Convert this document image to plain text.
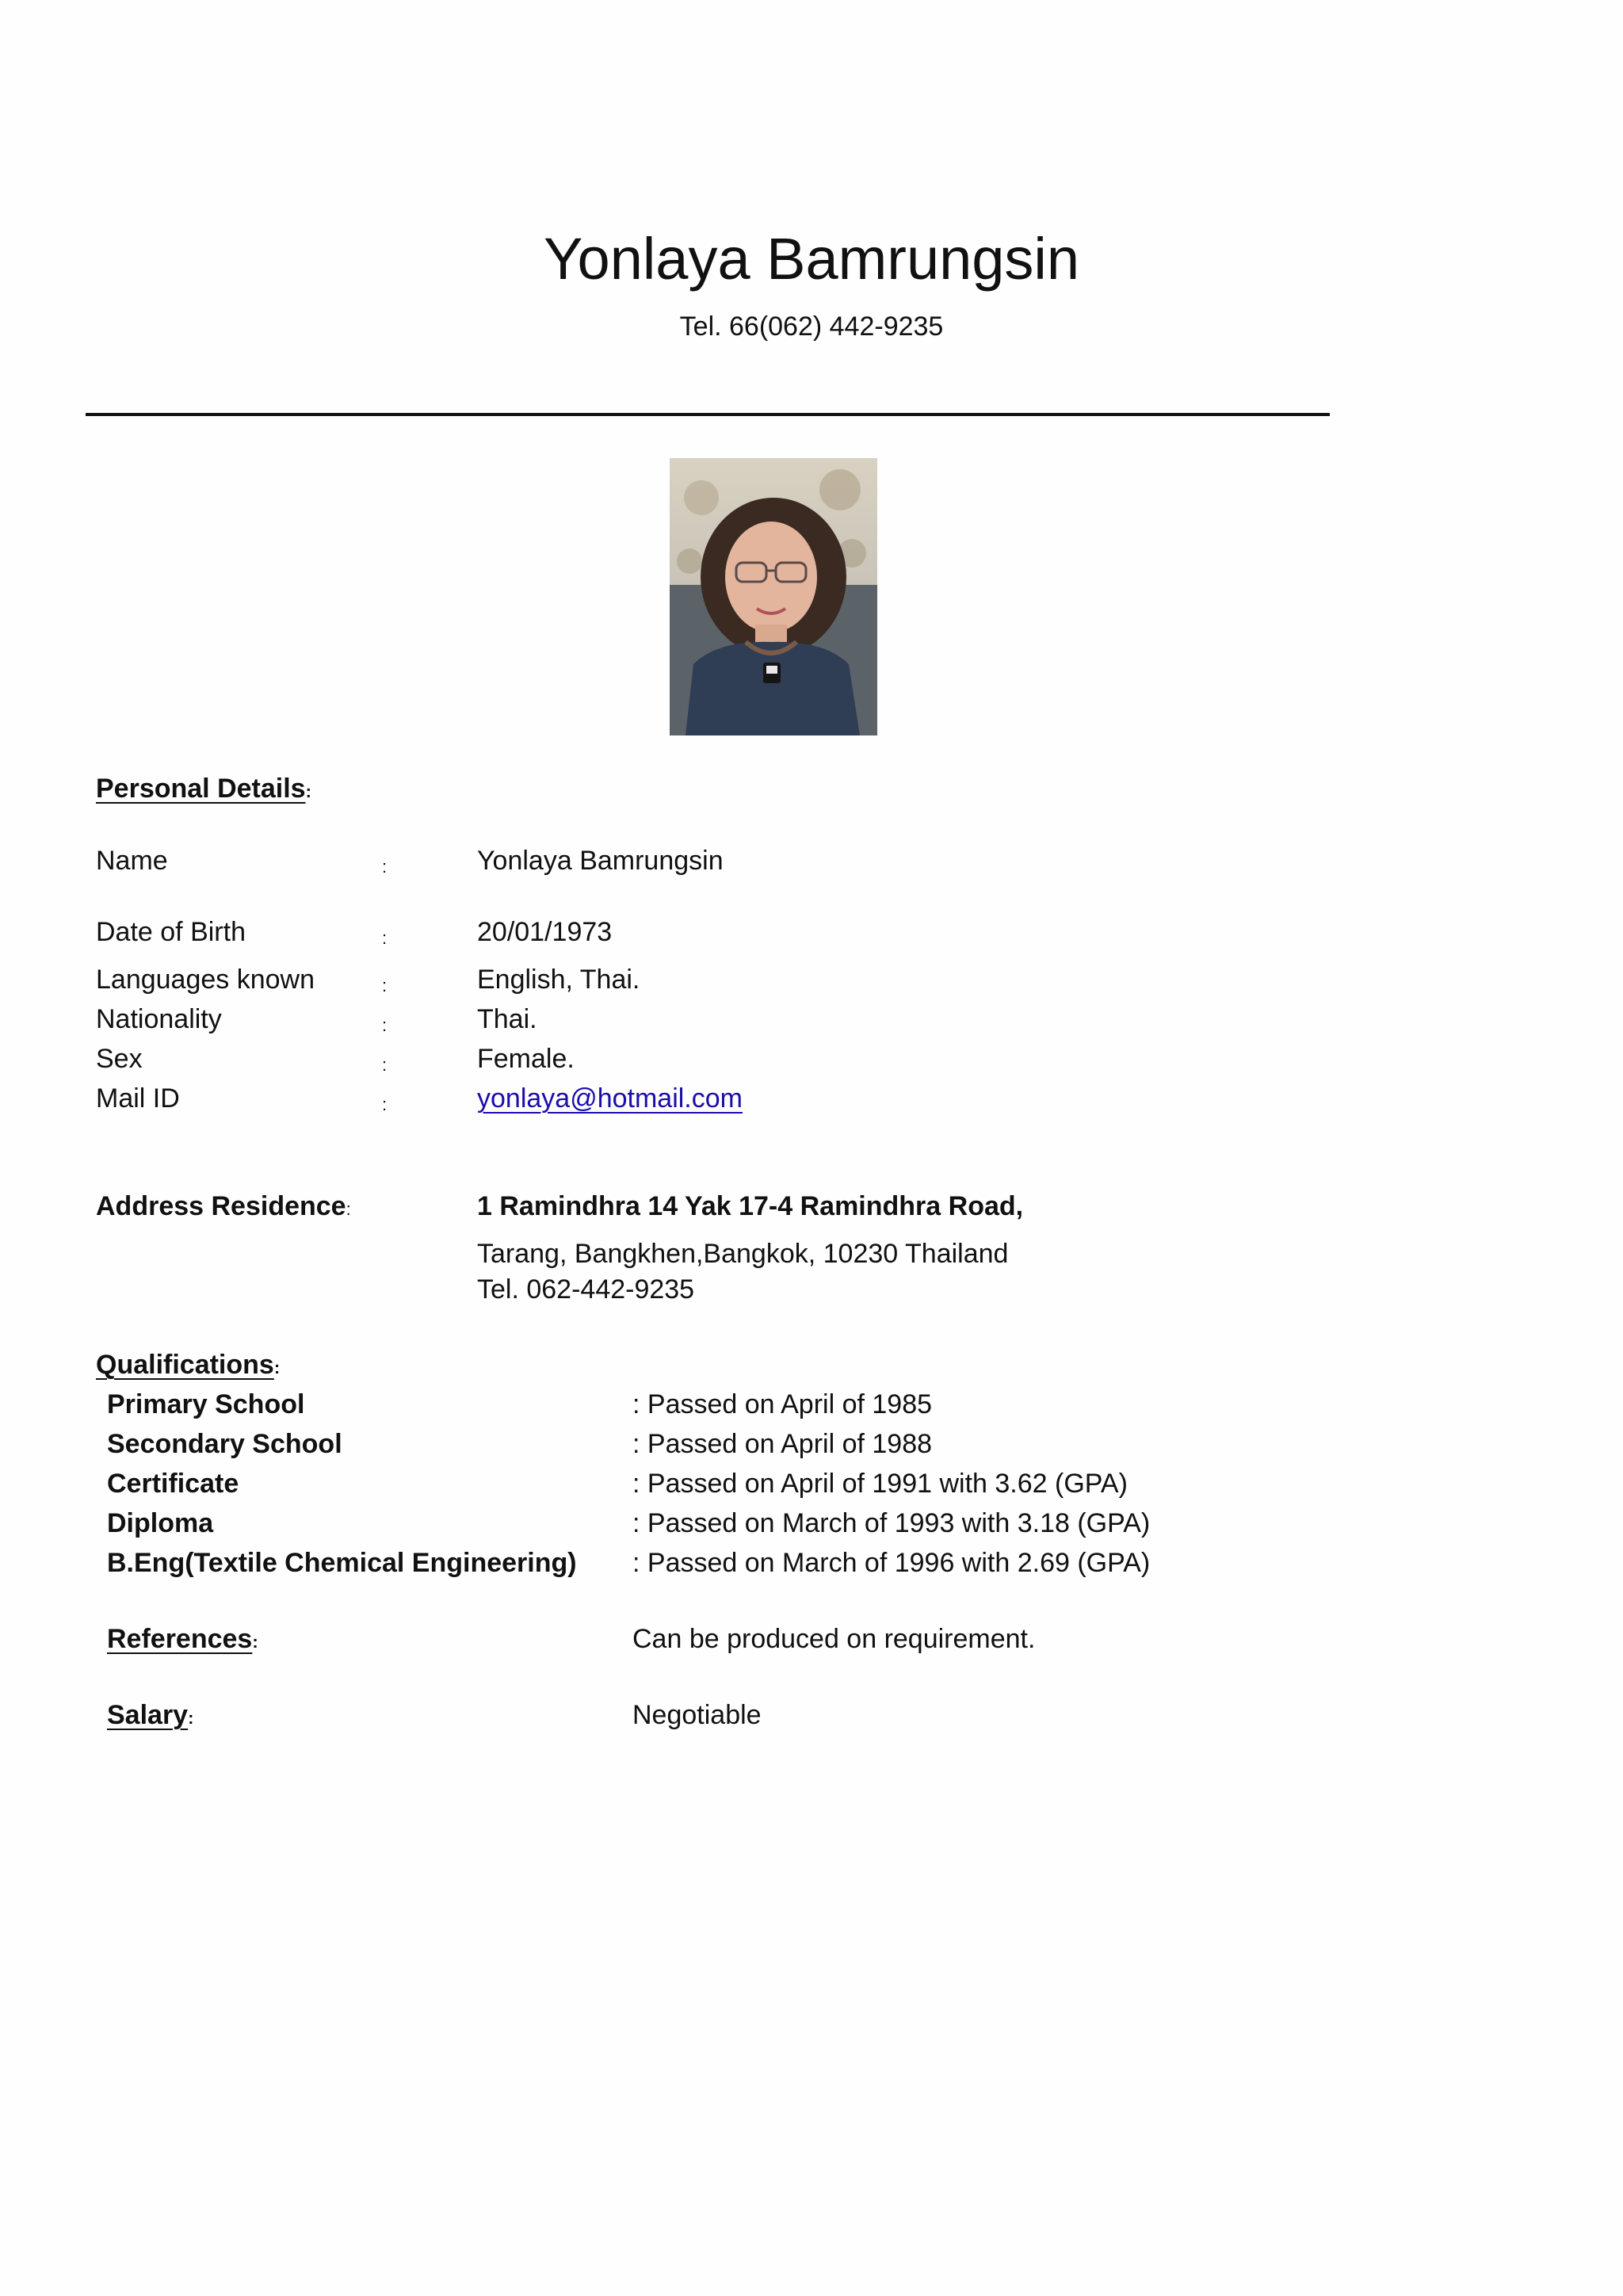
Yonlaya Bamrungsin
Tel. 66(062) 442-9235
Personal Details:
Name	:	Yonlaya Bamrungsin
Date of Birth	:	20/01/1973
Languages known	:	English, Thai.
Nationality	:	Thai.
Sex	:	Female.
Mail ID	:	yonlaya@hotmail.com
Address Residence:	1 Ramindhra 14 Yak 17-4 Ramindhra Road,
Tarang, Bangkhen,Bangkok, 10230 Thailand
Tel. 062-442-9235
Qualifications:
Primary School	: Passed on April of 1985
Secondary School	: Passed on April of 1988
Certificate	: Passed on April of 1991 with 3.62 (GPA)
Diploma	: Passed on March of 1993 with 3.18 (GPA)
B.Eng(Textile Chemical Engineering) : Passed on March of 1996 with 2.69 (GPA)
References:	Can be produced on requirement.
Salary:	Negotiable
